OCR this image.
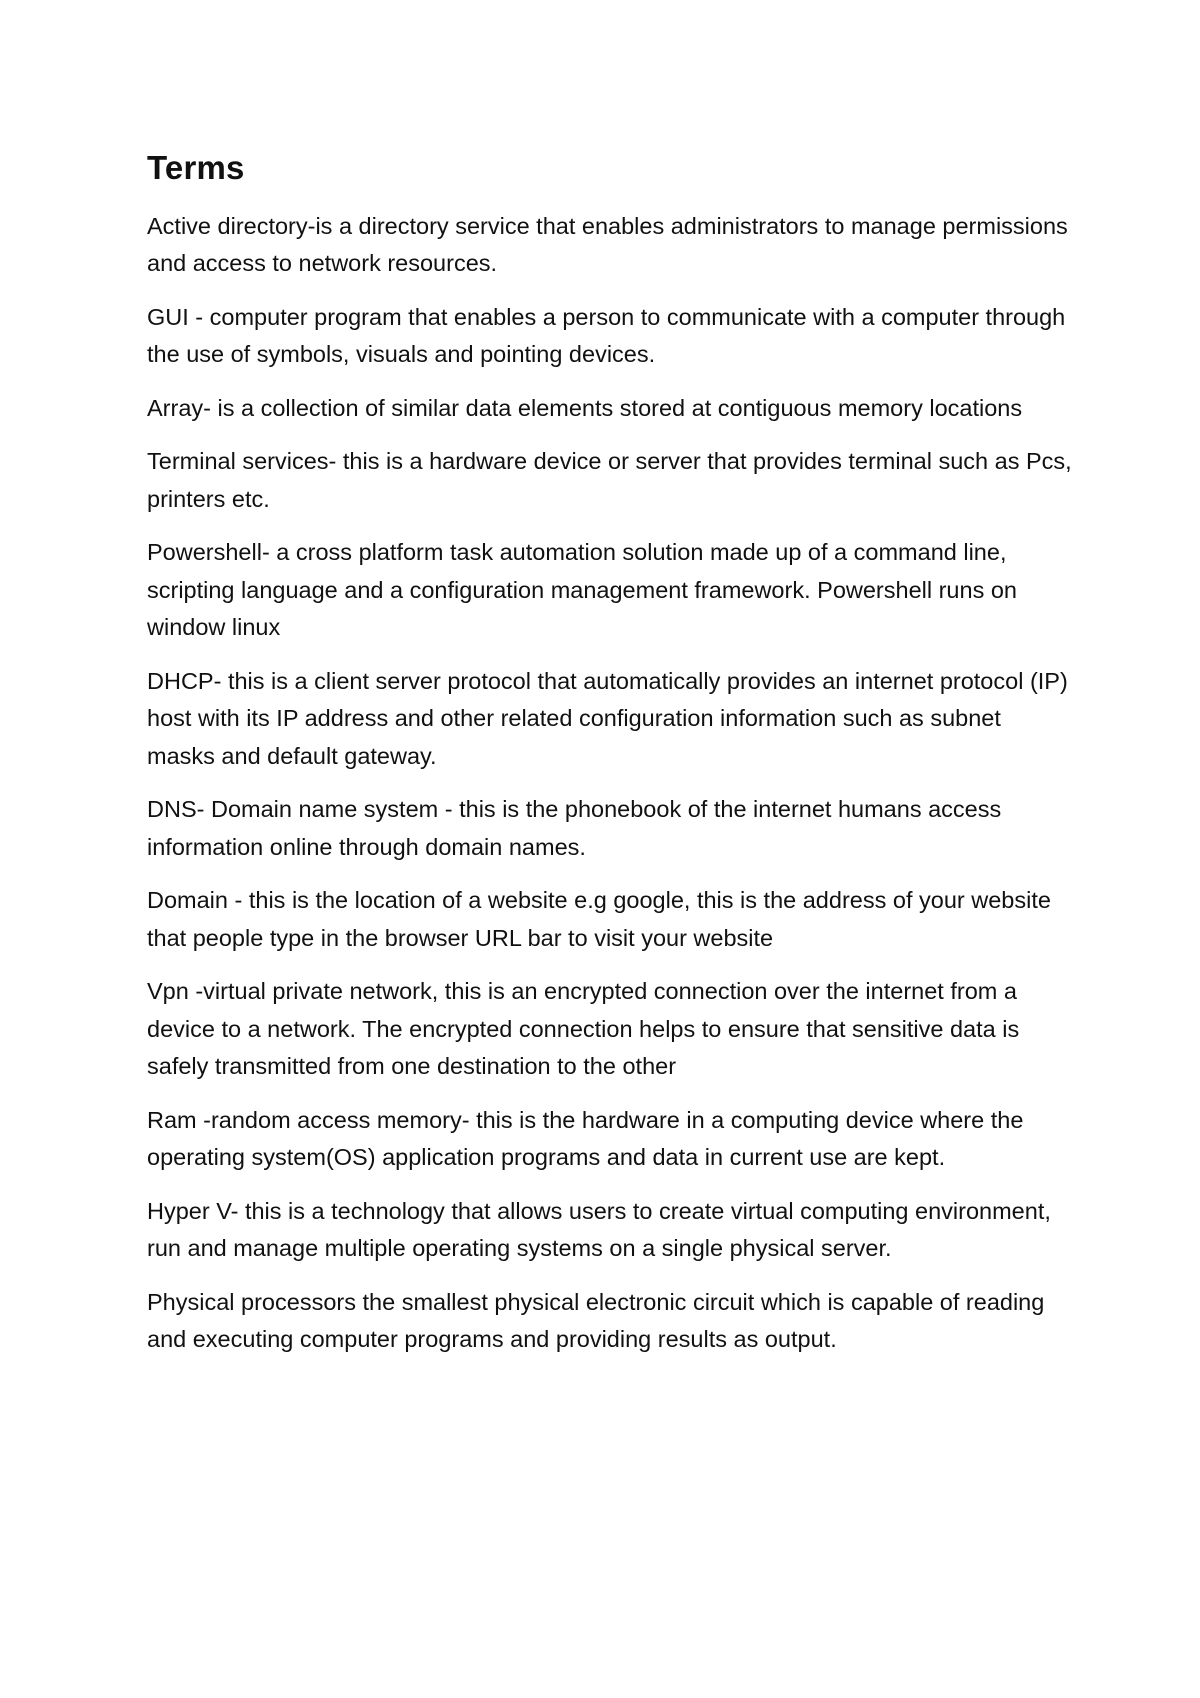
Terms

Active directory-is a directory service that enables administrators to manage permissions and access to network resources.

GUI - computer program that enables a person to communicate with a computer through the use of symbols, visuals and pointing devices.

Array- is a collection of similar data elements stored at contiguous memory locations

Terminal services- this is a hardware device or server that provides terminal such as Pcs, printers etc.

Powershell- a cross platform task automation solution made up of a command line, scripting language and a configuration management framework. Powershell runs on window linux

DHCP- this is a client server protocol that automatically provides an internet protocol (IP) host with its IP address and other related configuration information such as subnet masks and default gateway.

DNS- Domain name system - this is the phonebook of the internet humans access information online through domain names.

Domain - this is the location of a website e.g google, this is the address of your website that people type in the browser URL bar to visit your website

Vpn -virtual private network, this is an encrypted connection over the internet from a device to a network. The encrypted connection helps to ensure that sensitive data is safely transmitted from one destination to the other

Ram -random access memory- this is the hardware in a computing device where the operating system(OS) application programs and data in current use are kept.

Hyper V- this is a technology that allows users to create virtual computing environment, run and manage multiple operating systems on a single physical server.

Physical processors the smallest physical electronic circuit which is capable of reading and executing computer programs and providing results as output.
